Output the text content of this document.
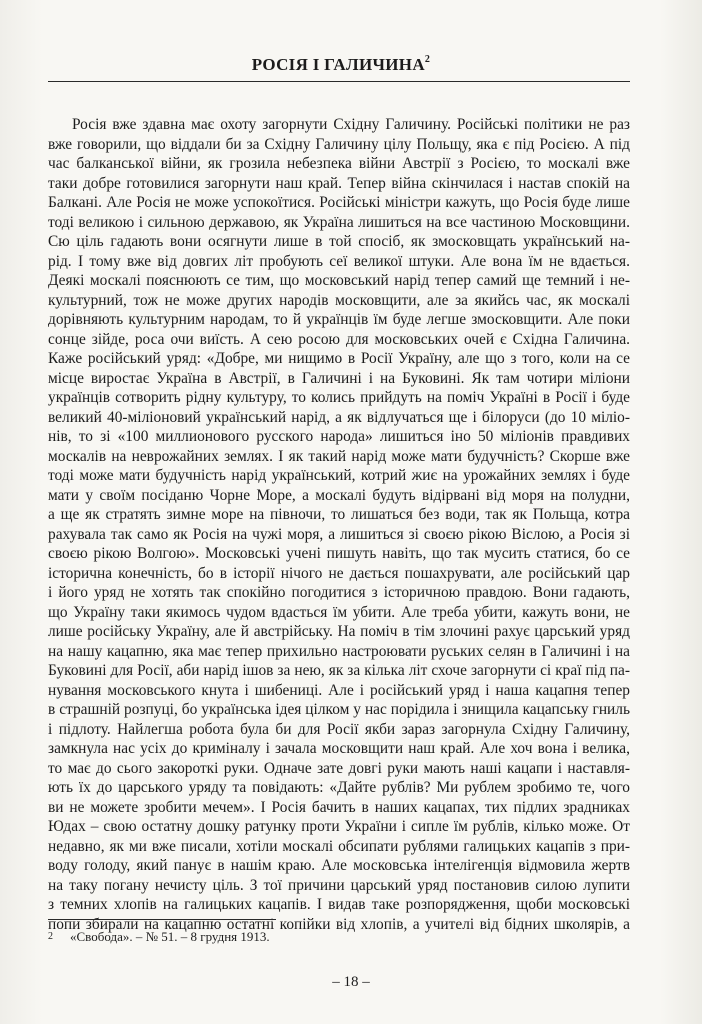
РОСІЯ І ГАЛИЧИНА$^2$
Росія вже здавна має охоту загорнути Східну Галичину. Російські політики не раз
вже говорили, що віддали би за Східну Галичину цілу Польщу, яка є під Росією. А під
час балканської війни, як грозила небезпека війни Австрії з Росією, то москалі вже
таки добре готовилися загорнути наш край. Тепер війна скінчилася і настав спокій на
Балкані. Але Росія не може успокоїтися. Російські міністри кажуть, що Росія буде лише
тоді великою і сильною державою, як Україна лишиться на все частиною Московщини.
Сю ціль гадають вони осягнути лише в той спосіб, як змосковщать український на-
рід. І тому вже від довгих літ пробують сеї великої штуки. Але вона їм не вдається.
Деякі москалі пояснюють се тим, що московський нарід тепер самий ще темний і не-
культурний, тож не може других народів московщити, але за якийсь час, як москалі
дорівняють культурним народам, то й українців їм буде легше змосковщити. Але поки
сонце зійде, роса очи виїсть. А сею росою для московських очей є Східна Галичина.
Каже російський уряд: «Добре, ми нищимо в Росії Україну, але що з того, коли на се
місце виростає Україна в Австрії, в Галичині і на Буковині. Як там чотири міліони
українців сотворить рідну культуру, то колись прийдуть на поміч Україні в Росії і буде
великий 40-міліоновий український нарід, а як відлучаться ще і білоруси (до 10 міліо-
нів, то зі «100 миллионового русского народа» лишиться іно 50 міліонів правдивих
москалів на неврожайних землях. І як такий нарід може мати будучність? Скорше вже
тоді може мати будучність нарід український, котрий жиє на урожайних землях і буде
мати у своїм посіданю Чорне Море, а москалі будуть відірвані від моря на полудни,
а ще як стратять зимне море на півночи, то лишаться без води, так як Польща, котра
рахувала так само як Росія на чужі моря, а лишиться зі своєю рікою Віслою, а Росія зі
своєю рікою Волгою». Московські учені пишуть навіть, що так мусить статися, бо се
історична конечність, бо в історії нічого не дається пошахрувати, але російський цар
і його уряд не хотять так спокійно погодитися з історичною правдою. Вони гадають,
що Україну таки якимось чудом вдасться їм убити. Але треба убити, кажуть вони, не
лише російську Україну, але й австрійську. На поміч в тім злочині рахує царський уряд
на нашу кацапню, яка має тепер прихильно настроювати руських селян в Галичині і на
Буковині для Росії, аби нарід ішов за нею, як за кілька літ схоче загорнути сі краї під па-
нування московського кнута і шибениці. Але і російський уряд і наша кацапня тепер
в страшній розпуці, бо українська ідея цілком у нас порідила і знищила кацапську гниль
і підлоту. Найлегша робота була би для Росії якби зараз загорнула Східну Галичину,
замкнула нас усіх до криміналу і зачала московщити наш край. Але хоч вона і велика,
то має до сього закороткі руки. Одначе зате довгі руки мають наші кацапи і наставля-
ють їх до царського уряду та повідають: «Дайте рублів? Ми рублем зробимо те, чого
ви не можете зробити мечем». І Росія бачить в наших кацапах, тих підлих зрадниках
Юдах – свою остатну дошку ратунку проти України і сипле їм рублів, кілько може. От
недавно, як ми вже писали, хотіли москалі обсипати рублями галицьких кацапів з при-
воду голоду, який панує в нашім краю. Але московська інтелігенція відмовила жертв
на таку погану нечисту ціль. З тої причини царський уряд постановив силою лупити
з темних хлопів на галицьких кацапів. І видав таке розпорядження, щоби московські
попи збирали на кацапню остатні копійки від хлопів, а учителі від бідних школярів, а
2 «Свобода». – № 51. – 8 грудня 1913.
– 18 –
